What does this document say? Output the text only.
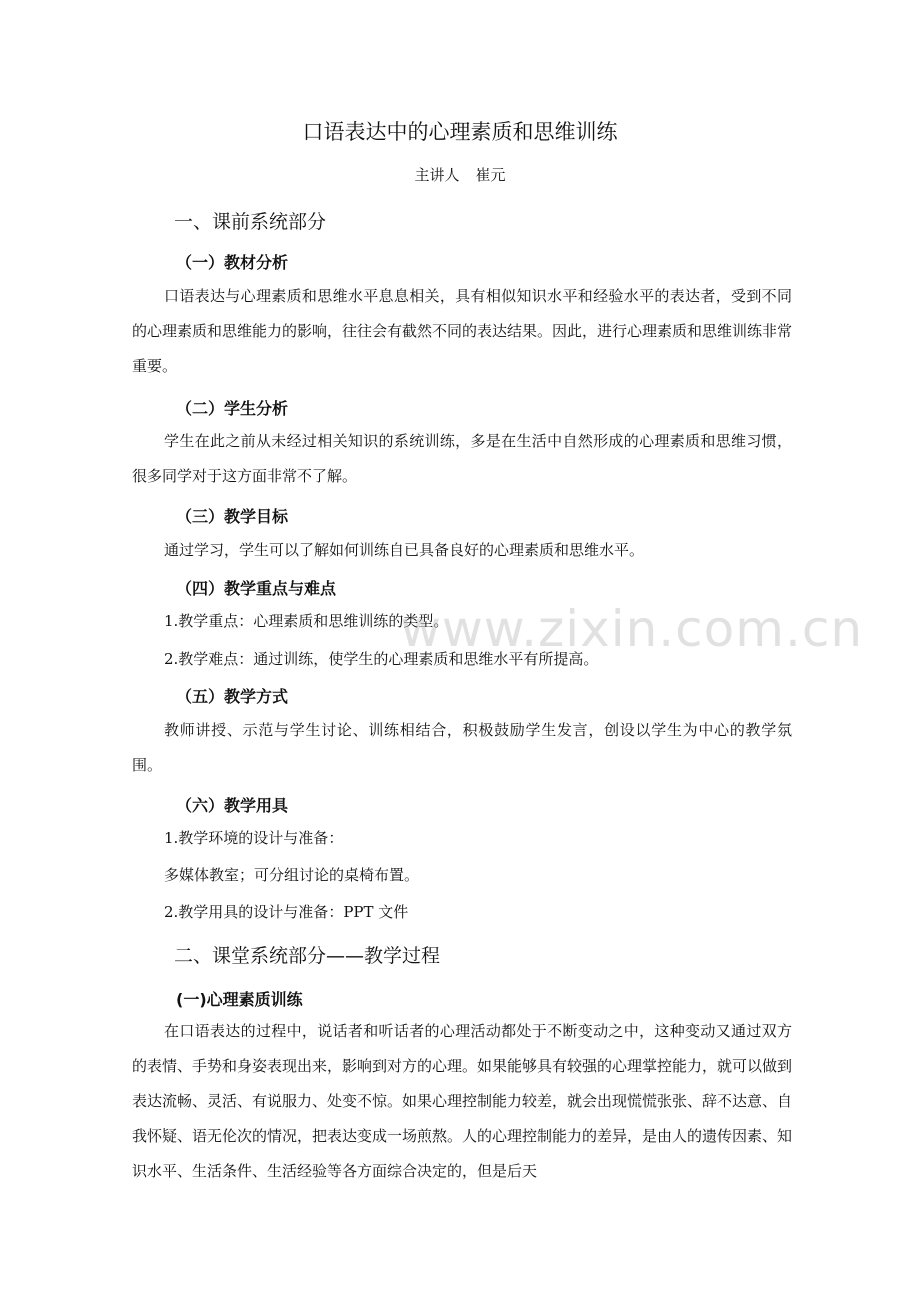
口语表达中的心理素质和思维训练
主讲人 崔元
一、课前系统部分
（一）教材分析

口语表达与心理素质和思维水平息息相关，具有相似知识水平和经验水平的表达者，受到不同的心理素质和思维能力的影响，往往会有截然不同的表达结果。因此，进行心理素质和思维训练非常重要。

（二）学生分析

学生在此之前从未经过相关知识的系统训练，多是在生活中自然形成的心理素质和思维习惯，很多同学对于这方面非常不了解。

（三）教学目标

通过学习，学生可以了解如何训练自已具备良好的心理素质和思维水平。

（四）教学重点与难点

1.教学重点：心理素质和思维训练的类型。

2.教学难点：通过训练，使学生的心理素质和思维水平有所提高。

（五）教学方式

教师讲授、示范与学生讨论、训练相结合，积极鼓励学生发言，创设以学生为中心的教学氛围。

（六）教学用具

1.教学环境的设计与准备：

多媒体教室；可分组讨论的桌椅布置。

2.教学用具的设计与准备：PPT 文件

二、课堂系统部分——教学过程
(一)心理素质训练

在口语表达的过程中，说话者和听话者的心理活动都处于不断变动之中，这种变动又通过双方的表情、手势和身姿表现出来，影响到对方的心理。如果能够具有较强的心理掌控能力，就可以做到表达流畅、灵活、有说服力、处变不惊。如果心理控制能力较差，就会出现慌慌张张、辞不达意、自我怀疑、语无伦次的情况，把表达变成一场煎熬。人的心理控制能力的差异，是由人的遗传因素、知识水平、生活条件、生活经验等各方面综合决定的，但是后天

www.zixin.com.cn
